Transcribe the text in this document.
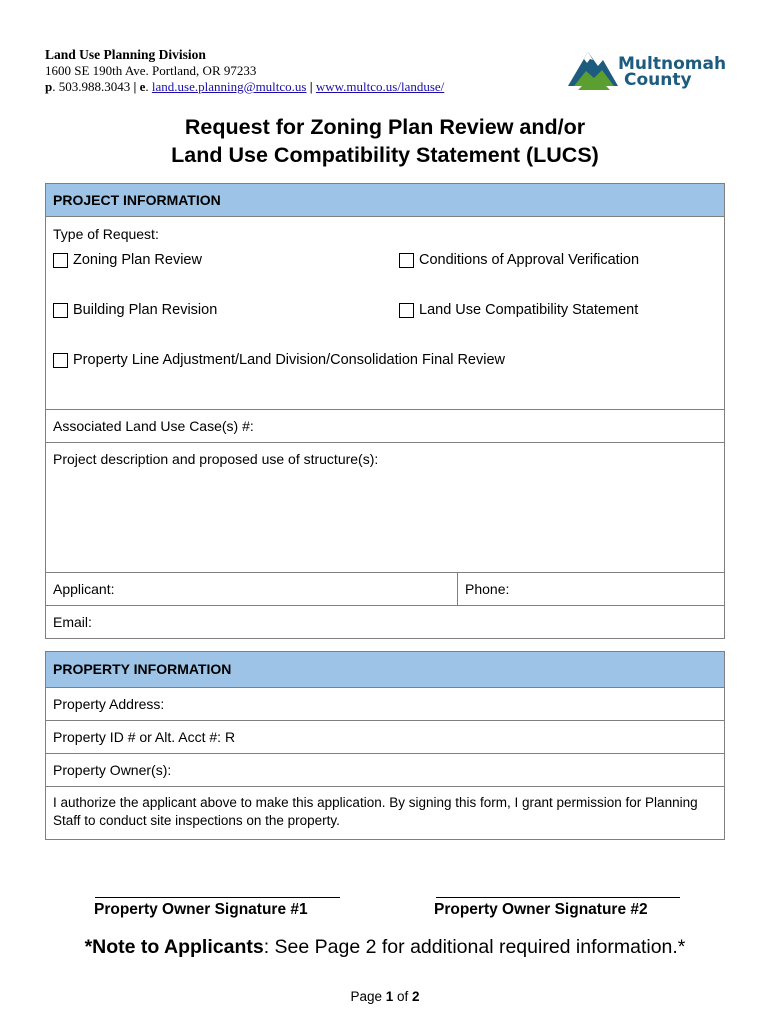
Land Use Planning Division
1600 SE 190th Ave. Portland, OR 97233
p. 503.988.3043 | e. land.use.planning@multco.us | www.multco.us/landuse/
Multnomah
County
Request for Zoning Plan Review and/or
Land Use Compatibility Statement (LUCS)
PROJECT INFORMATION

Type of Request:
Zoning Plan Review	Conditions of Approval Verification
Building Plan Revision	Land Use Compatibility Statement
Property Line Adjustment/Land Division/Consolidation Final Review

Associated Land Use Case(s) #:
Project description and proposed use of structure(s):
Applicant:	Phone:
Email:
PROPERTY INFORMATION
Property Address:
Property ID # or Alt. Acct #: R
Property Owner(s):
I authorize the applicant above to make this application. By signing this form, I grant permission for Planning Staff to conduct site inspections on the property.
Property Owner Signature #1	Property Owner Signature #2
*Note to Applicants: See Page 2 for additional required information.*
Page 1 of 2
